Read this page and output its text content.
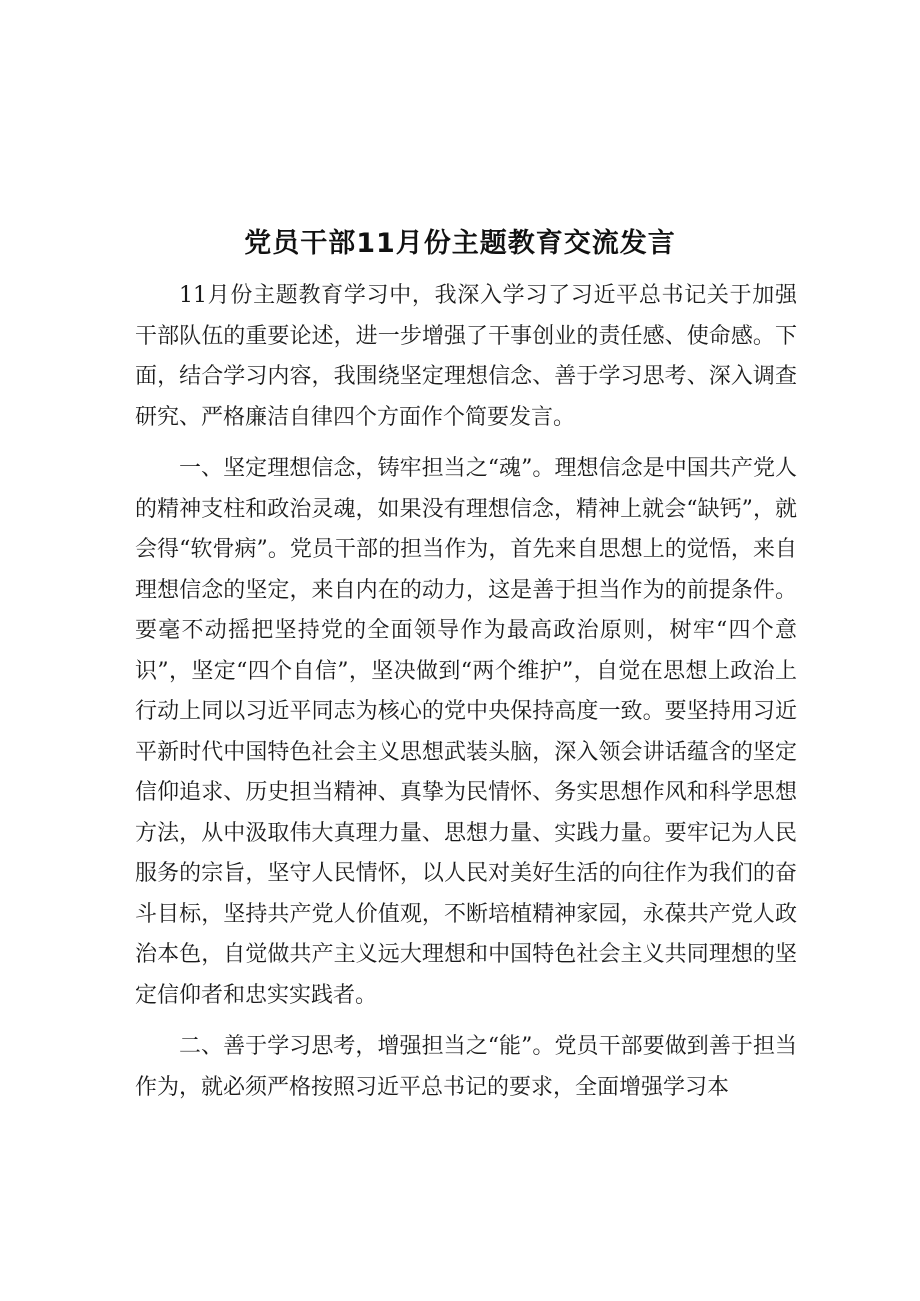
党员干部11月份主题教育交流发言

11月份主题教育学习中，我深入学习了习近平总书记关于加强干部队伍的重要论述，进一步增强了干事创业的责任感、使命感。下面，结合学习内容，我围绕坚定理想信念、善于学习思考、深入调查研究、严格廉洁自律四个方面作个简要发言。

一、坚定理想信念，铸牢担当之“魂”。理想信念是中国共产党人的精神支柱和政治灵魂，如果没有理想信念，精神上就会“缺钙”，就会得“软骨病”。党员干部的担当作为，首先来自思想上的觉悟，来自理想信念的坚定，来自内在的动力，这是善于担当作为的前提条件。要毫不动摇把坚持党的全面领导作为最高政治原则，树牢“四个意识”，坚定“四个自信”，坚决做到“两个维护”，自觉在思想上政治上行动上同以习近平同志为核心的党中央保持高度一致。要坚持用习近平新时代中国特色社会主义思想武装头脑，深入领会讲话蕴含的坚定信仰追求、历史担当精神、真挚为民情怀、务实思想作风和科学思想方法，从中汲取伟大真理力量、思想力量、实践力量。要牢记为人民服务的宗旨，坚守人民情怀，以人民对美好生活的向往作为我们的奋斗目标，坚持共产党人价值观，不断培植精神家园，永葆共产党人政治本色，自觉做共产主义远大理想和中国特色社会主义共同理想的坚定信仰者和忠实实践者。

二、善于学习思考，增强担当之“能”。党员干部要做到善于担当作为，就必须严格按照习近平总书记的要求，全面增强学习本
